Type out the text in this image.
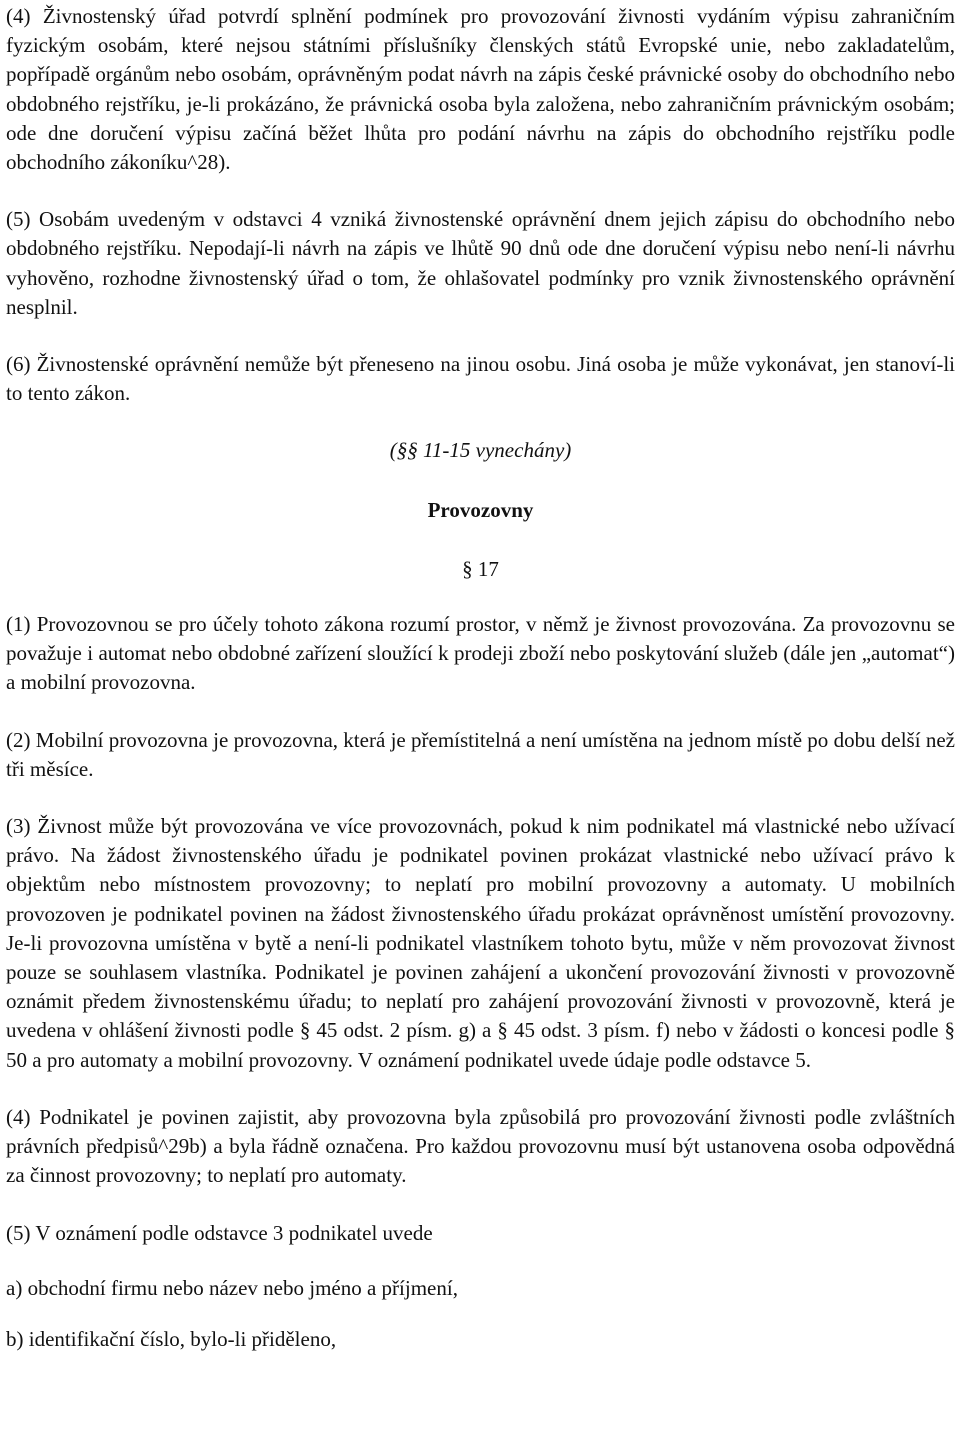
(4) Živnostenský úřad potvrdí splnění podmínek pro provozování živnosti vydáním výpisu zahraničním fyzickým osobám, které nejsou státními příslušníky členských států Evropské unie, nebo zakladatelům, popřípadě orgánům nebo osobám, oprávněným podat návrh na zápis české právnické osoby do obchodního nebo obdobného rejstříku, je-li prokázáno, že právnická osoba byla založena, nebo zahraničním právnickým osobám; ode dne doručení výpisu začíná běžet lhůta pro podání návrhu na zápis do obchodního rejstříku podle obchodního zákoníku^28).

(5) Osobám uvedeným v odstavci 4 vzniká živnostenské oprávnění dnem jejich zápisu do obchodního nebo obdobného rejstříku. Nepodají-li návrh na zápis ve lhůtě 90 dnů ode dne doručení výpisu nebo není-li návrhu vyhověno, rozhodne živnostenský úřad o tom, že ohlašovatel podmínky pro vznik živnostenského oprávnění nesplnil.

(6) Živnostenské oprávnění nemůže být přeneseno na jinou osobu. Jiná osoba je může vykonávat, jen stanoví-li to tento zákon.

(§§ 11-15 vynechány)

Provozovny

§ 17

(1) Provozovnou se pro účely tohoto zákona rozumí prostor, v němž je živnost provozována. Za provozovnu se považuje i automat nebo obdobné zařízení sloužící k prodeji zboží nebo poskytování služeb (dále jen „automat“) a mobilní provozovna.

(2) Mobilní provozovna je provozovna, která je přemístitelná a není umístěna na jednom místě po dobu delší než tři měsíce.

(3) Živnost může být provozována ve více provozovnách, pokud k nim podnikatel má vlastnické nebo užívací právo. Na žádost živnostenského úřadu je podnikatel povinen prokázat vlastnické nebo užívací právo k objektům nebo místnostem provozovny; to neplatí pro mobilní provozovny a automaty. U mobilních provozoven je podnikatel povinen na žádost živnostenského úřadu prokázat oprávněnost umístění provozovny. Je-li provozovna umístěna v bytě a není-li podnikatel vlastníkem tohoto bytu, může v něm provozovat živnost pouze se souhlasem vlastníka. Podnikatel je povinen zahájení a ukončení provozování živnosti v provozovně oznámit předem živnostenskému úřadu; to neplatí pro zahájení provozování živnosti v provozovně, která je uvedena v ohlášení živnosti podle § 45 odst. 2 písm. g) a § 45 odst. 3 písm. f) nebo v žádosti o koncesi podle § 50 a pro automaty a mobilní provozovny. V oznámení podnikatel uvede údaje podle odstavce 5.

(4) Podnikatel je povinen zajistit, aby provozovna byla způsobilá pro provozování živnosti podle zvláštních právních předpisů^29b) a byla řádně označena. Pro každou provozovnu musí být ustanovena osoba odpovědná za činnost provozovny; to neplatí pro automaty.

(5) V oznámení podle odstavce 3 podnikatel uvede

a) obchodní firmu nebo název nebo jméno a příjmení,

b) identifikační číslo, bylo-li přiděleno,
